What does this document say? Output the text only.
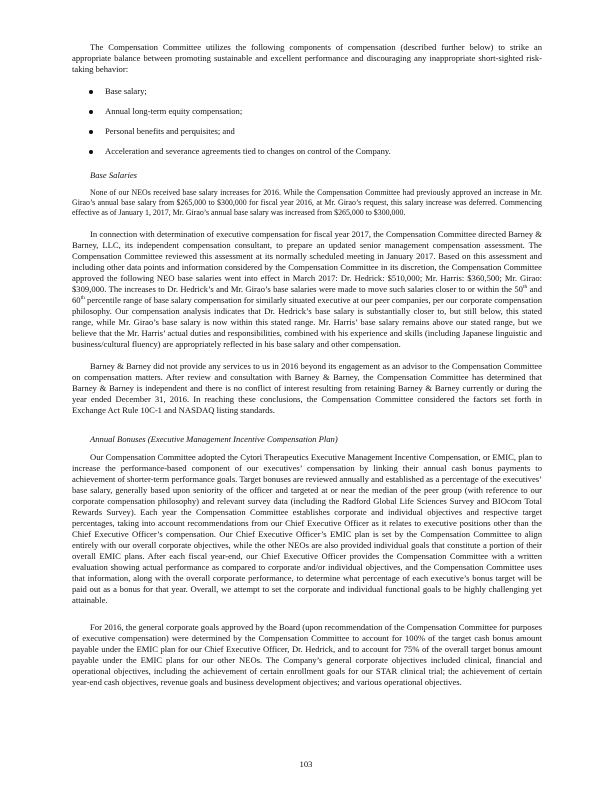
The Compensation Committee utilizes the following components of compensation (described further below) to strike an appropriate balance between promoting sustainable and excellent performance and discouraging any inappropriate short-sighted risk-taking behavior:

Base salary;
Annual long-term equity compensation;
Personal benefits and perquisites; and
Acceleration and severance agreements tied to changes on control of the Company.
Base Salaries

None of our NEOs received base salary increases for 2016. While the Compensation Committee had previously approved an increase in Mr. Girao’s annual base salary from $265,000 to $300,000 for fiscal year 2016, at Mr. Girao’s request, this salary increase was deferred. Commencing effective as of January 1, 2017, Mr. Girao’s annual base salary was increased from $265,000 to $300,000.

In connection with determination of executive compensation for fiscal year 2017, the Compensation Committee directed Barney & Barney, LLC, its independent compensation consultant, to prepare an updated senior management compensation assessment. The Compensation Committee reviewed this assessment at its normally scheduled meeting in January 2017. Based on this assessment and including other data points and information considered by the Compensation Committee in its discretion, the Compensation Committee approved the following NEO base salaries went into effect in March 2017: Dr. Hedrick: $510,000; Mr. Harris: $360,500; Mr. Girao: $309,000. The increases to Dr. Hedrick’s and Mr. Girao’s base salaries were made to move such salaries closer to or within the 50th and 60th percentile range of base salary compensation for similarly situated executive at our peer companies, per our corporate compensation philosophy. Our compensation analysis indicates that Dr. Hedrick’s base salary is substantially closer to, but still below, this stated range, while Mr. Girao’s base salary is now within this stated range. Mr. Harris’ base salary remains above our stated range, but we believe that the Mr. Harris’ actual duties and responsibilities, combined with his experience and skills (including Japanese linguistic and business/cultural fluency) are appropriately reflected in his base salary and other compensation.

Barney & Barney did not provide any services to us in 2016 beyond its engagement as an advisor to the Compensation Committee on compensation matters. After review and consultation with Barney & Barney, the Compensation Committee has determined that Barney & Barney is independent and there is no conflict of interest resulting from retaining Barney & Barney currently or during the year ended December 31, 2016. In reaching these conclusions, the Compensation Committee considered the factors set forth in Exchange Act Rule 10C-1 and NASDAQ listing standards.

Annual Bonuses (Executive Management Incentive Compensation Plan)

Our Compensation Committee adopted the Cytori Therapeutics Executive Management Incentive Compensation, or EMIC, plan to increase the performance-based component of our executives’ compensation by linking their annual cash bonus payments to achievement of shorter-term performance goals. Target bonuses are reviewed annually and established as a percentage of the executives’ base salary, generally based upon seniority of the officer and targeted at or near the median of the peer group (with reference to our corporate compensation philosophy) and relevant survey data (including the Radford Global Life Sciences Survey and BIOcom Total Rewards Survey). Each year the Compensation Committee establishes corporate and individual objectives and respective target percentages, taking into account recommendations from our Chief Executive Officer as it relates to executive positions other than the Chief Executive Officer’s compensation. Our Chief Executive Officer’s EMIC plan is set by the Compensation Committee to align entirely with our overall corporate objectives, while the other NEOs are also provided individual goals that constitute a portion of their overall EMIC plans. After each fiscal year-end, our Chief Executive Officer provides the Compensation Committee with a written evaluation showing actual performance as compared to corporate and/or individual objectives, and the Compensation Committee uses that information, along with the overall corporate performance, to determine what percentage of each executive’s bonus target will be paid out as a bonus for that year. Overall, we attempt to set the corporate and individual functional goals to be highly challenging yet attainable.

For 2016, the general corporate goals approved by the Board (upon recommendation of the Compensation Committee for purposes of executive compensation) were determined by the Compensation Committee to account for 100% of the target cash bonus amount payable under the EMIC plan for our Chief Executive Officer, Dr. Hedrick, and to account for 75% of the overall target bonus amount payable under the EMIC plans for our other NEOs. The Company’s general corporate objectives included clinical, financial and operational objectives, including the achievement of certain enrollment goals for our STAR clinical trial; the achievement of certain year-end cash objectives, revenue goals and business development objectives; and various operational objectives.

103
